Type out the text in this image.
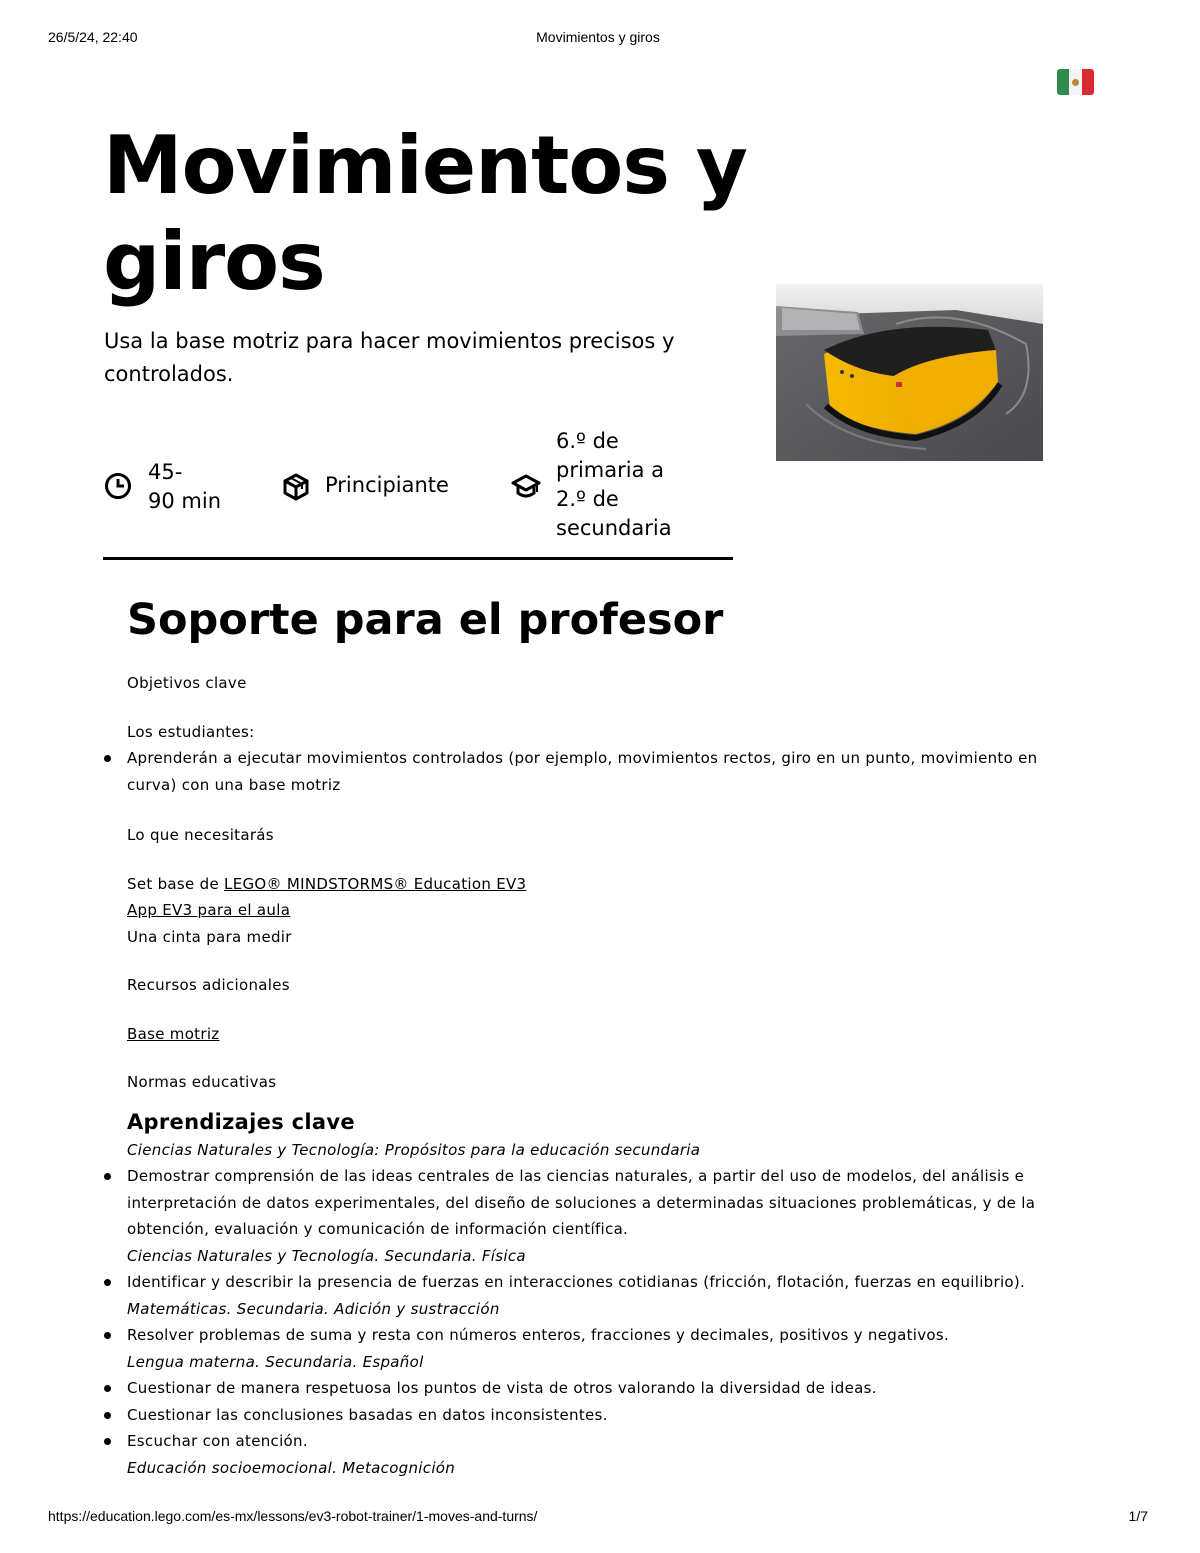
26/5/24, 22:40	Movimientos y giros
Movimientos y
giros

Usa la base motriz para hacer movimientos precisos y controlados.

45-
90 min
Principiante
6.º de
primaria a
2.º de
secundaria
Soporte para el profesor

Objetivos clave

Los estudiantes:

Aprenderán a ejecutar movimientos controlados (por ejemplo, movimientos rectos, giro en un punto, movimiento en curva) con una base motriz

Lo que necesitarás

Set base de LEGO® MINDSTORMS® Education EV3

App EV3 para el aula

Una cinta para medir

Recursos adicionales

Base motriz

Normas educativas

Aprendizajes clave

Ciencias Naturales y Tecnología: Propósitos para la educación secundaria

Demostrar comprensión de las ideas centrales de las ciencias naturales, a partir del uso de modelos, del análisis e interpretación de datos experimentales, del diseño de soluciones a determinadas situaciones problemáticas, y de la obtención, evaluación y comunicación de información científica.

Ciencias Naturales y Tecnología. Secundaria. Física

Identificar y describir la presencia de fuerzas en interacciones cotidianas (fricción, flotación, fuerzas en equilibrio).

Matemáticas. Secundaria. Adición y sustracción

Resolver problemas de suma y resta con números enteros, fracciones y decimales, positivos y negativos.

Lengua materna. Secundaria. Español

Cuestionar de manera respetuosa los puntos de vista de otros valorando la diversidad de ideas.
Cuestionar las conclusiones basadas en datos inconsistentes.
Escuchar con atención.

Educación socioemocional. Metacognición

https://education.lego.com/es-mx/lessons/ev3-robot-trainer/1-moves-and-turns/	1/7
